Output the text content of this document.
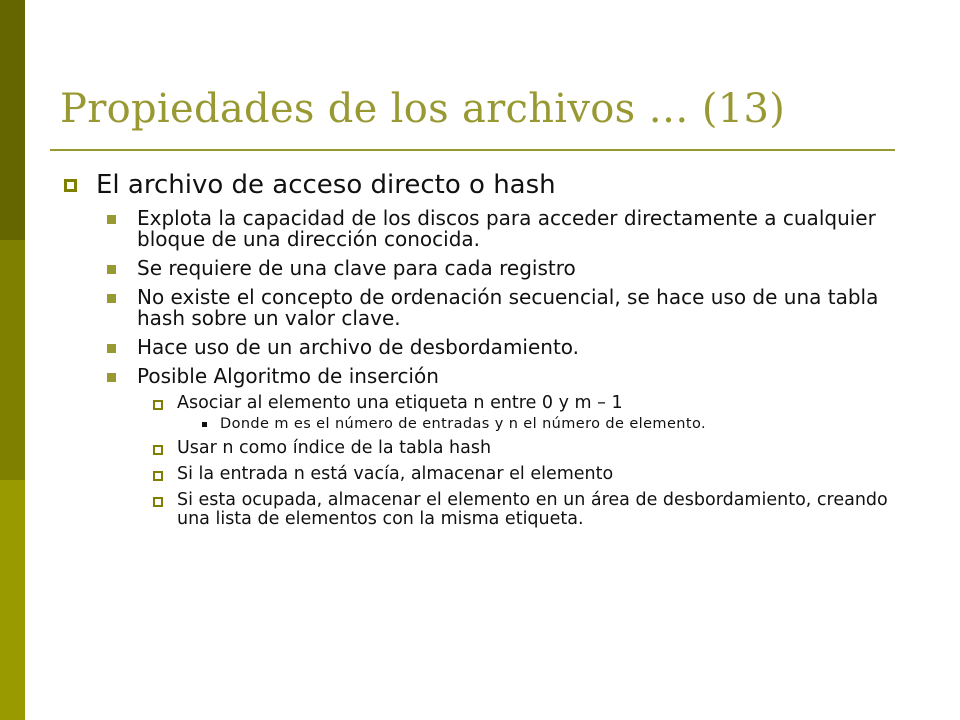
Propiedades de los archivos … (13)
El archivo de acceso directo o hash
Explota la capacidad de los discos para acceder directamente a cualquier bloque de una dirección conocida.
Se requiere de una clave para cada registro
No existe el concepto de ordenación secuencial, se hace uso de una tabla hash sobre un valor clave.
Hace uso de un archivo de desbordamiento.
Posible Algoritmo de inserción
Asociar al elemento una etiqueta n entre 0 y m – 1
Donde m es el número de entradas y n el número de elemento.
Usar n como índice de la tabla hash
Si la entrada n está vacía, almacenar el elemento
Si esta ocupada, almacenar el elemento en un área de desbordamiento, creando una lista de elementos con la misma etiqueta.
